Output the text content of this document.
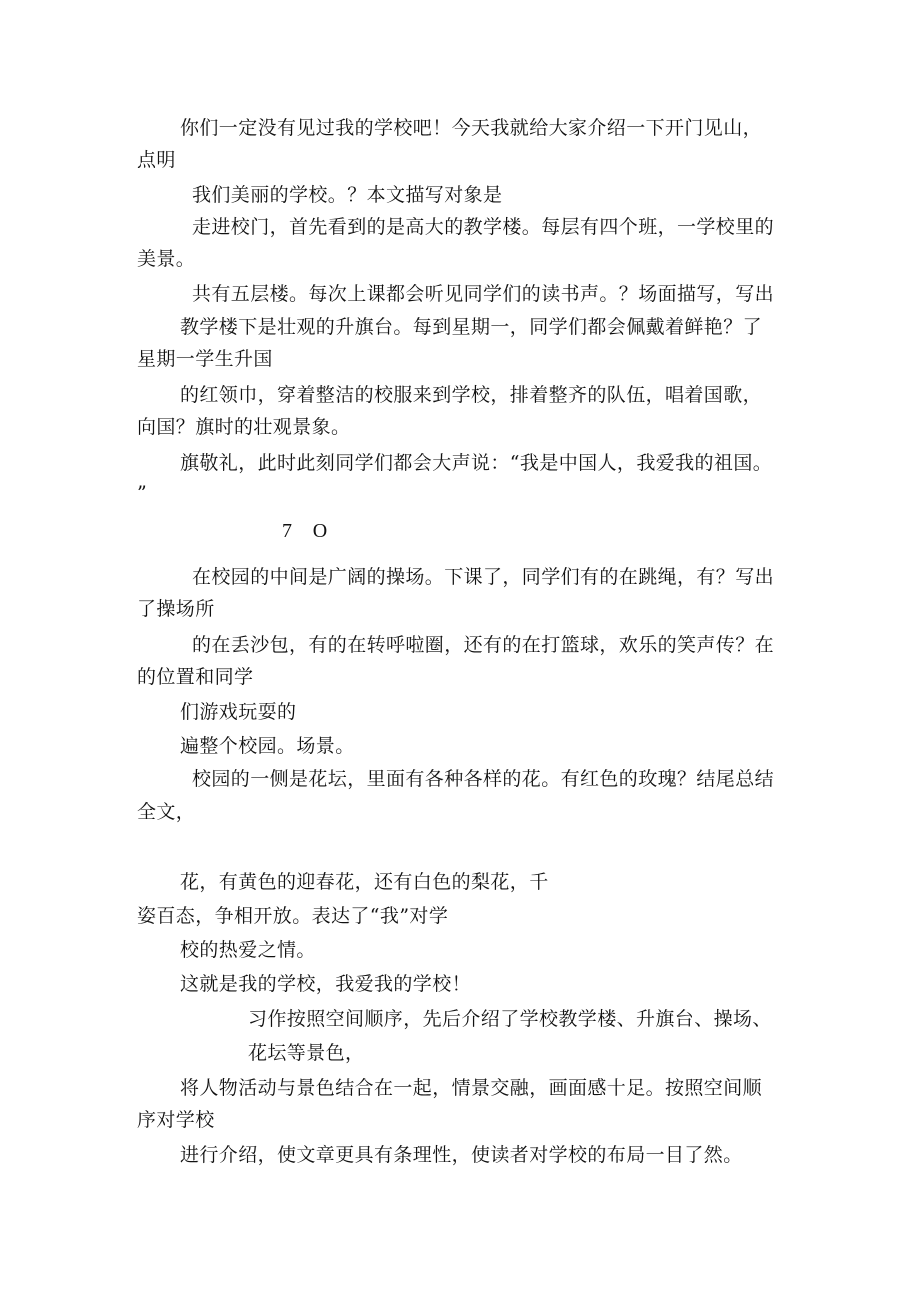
你们一定没有见过我的学校吧！今天我就给大家介绍一下开门见山，

点明

我们美丽的学校。？本文描写对象是

走进校门，首先看到的是高大的教学楼。每层有四个班，一学校里的

美景。

共有五层楼。每次上课都会听见同学们的读书声。？场面描写，写出

教学楼下是壮观的升旗台。每到星期一，同学们都会佩戴着鲜艳？了

星期一学生升国

的红领巾，穿着整洁的校服来到学校，排着整齐的队伍，唱着国歌，

向国？旗时的壮观景象。

旗敬礼，此时此刻同学们都会大声说：“我是中国人，我爱我的祖国。

”

7　O

在校园的中间是广阔的操场。下课了，同学们有的在跳绳，有？写出

了操场所

的在丢沙包，有的在转呼啦圈，还有的在打篮球，欢乐的笑声传？在

的位置和同学

们游戏玩耍的

遍整个校园。场景。

校园的一侧是花坛，里面有各种各样的花。有红色的玫瑰？结尾总结

全文，

花，有黄色的迎春花，还有白色的梨花，千

姿百态，争相开放。表达了“我”对学

校的热爱之情。

这就是我的学校，我爱我的学校！

习作按照空间顺序，先后介绍了学校教学楼、升旗台、操场、

花坛等景色，

将人物活动与景色结合在一起，情景交融，画面感十足。按照空间顺

序对学校

进行介绍，使文章更具有条理性，使读者对学校的布局一目了然。
